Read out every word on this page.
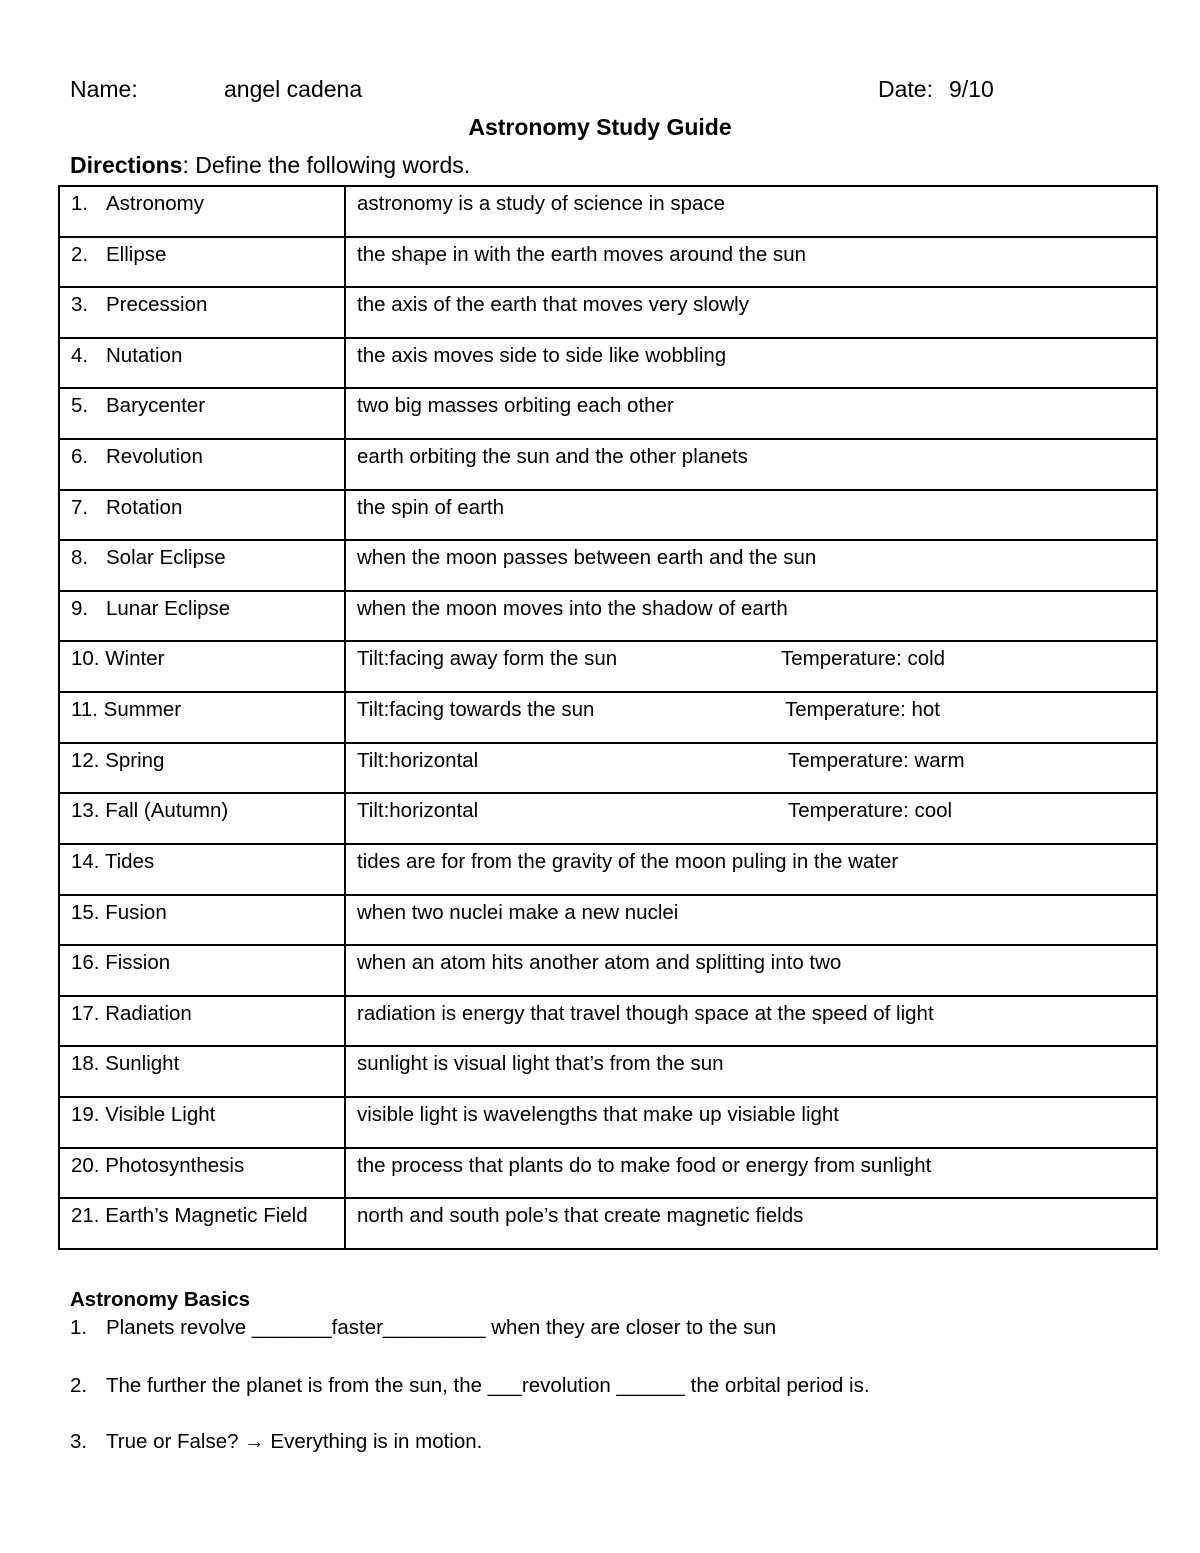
Name:	angel cadena	Date: 9/10
Astronomy Study Guide
Directions: Define the following words.
1. Astronomy	astronomy is a study of science in space
2. Ellipse	the shape in with the earth moves around the sun
3. Precession	the axis of the earth that moves very slowly
4. Nutation	the axis moves side to side like wobbling
5. Barycenter	two big masses orbiting each other
6. Revolution	earth orbiting the sun and the other planets
7. Rotation	the spin of earth
8. Solar Eclipse	when the moon passes between earth and the sun
9. Lunar Eclipse	when the moon moves into the shadow of earth
10. Winter	Tilt:facing away form the sun Temperature: cold
11. Summer	Tilt:facing towards the sun Temperature: hot
12. Spring	Tilt:horizontal Temperature: warm
13. Fall (Autumn)	Tilt:horizontal Temperature: cool
14. Tides	tides are for from the gravity of the moon puling in the water
15. Fusion	when two nuclei make a new nuclei
16. Fission	when an atom hits another atom and splitting into two
17. Radiation	radiation is energy that travel though space at the speed of light
18. Sunlight	sunlight is visual light that’s from the sun
19. Visible Light	visible light is wavelengths that make up visiable light
20. Photosynthesis	the process that plants do to make food or energy from sunlight
21. Earth’s Magnetic Field	north and south pole’s that create magnetic fields
Astronomy Basics
1. Planets revolve _______faster_________ when they are closer to the sun
2. The further the planet is from the sun, the ___revolution ______ the orbital period is.
3. True or False? → Everything is in motion.
